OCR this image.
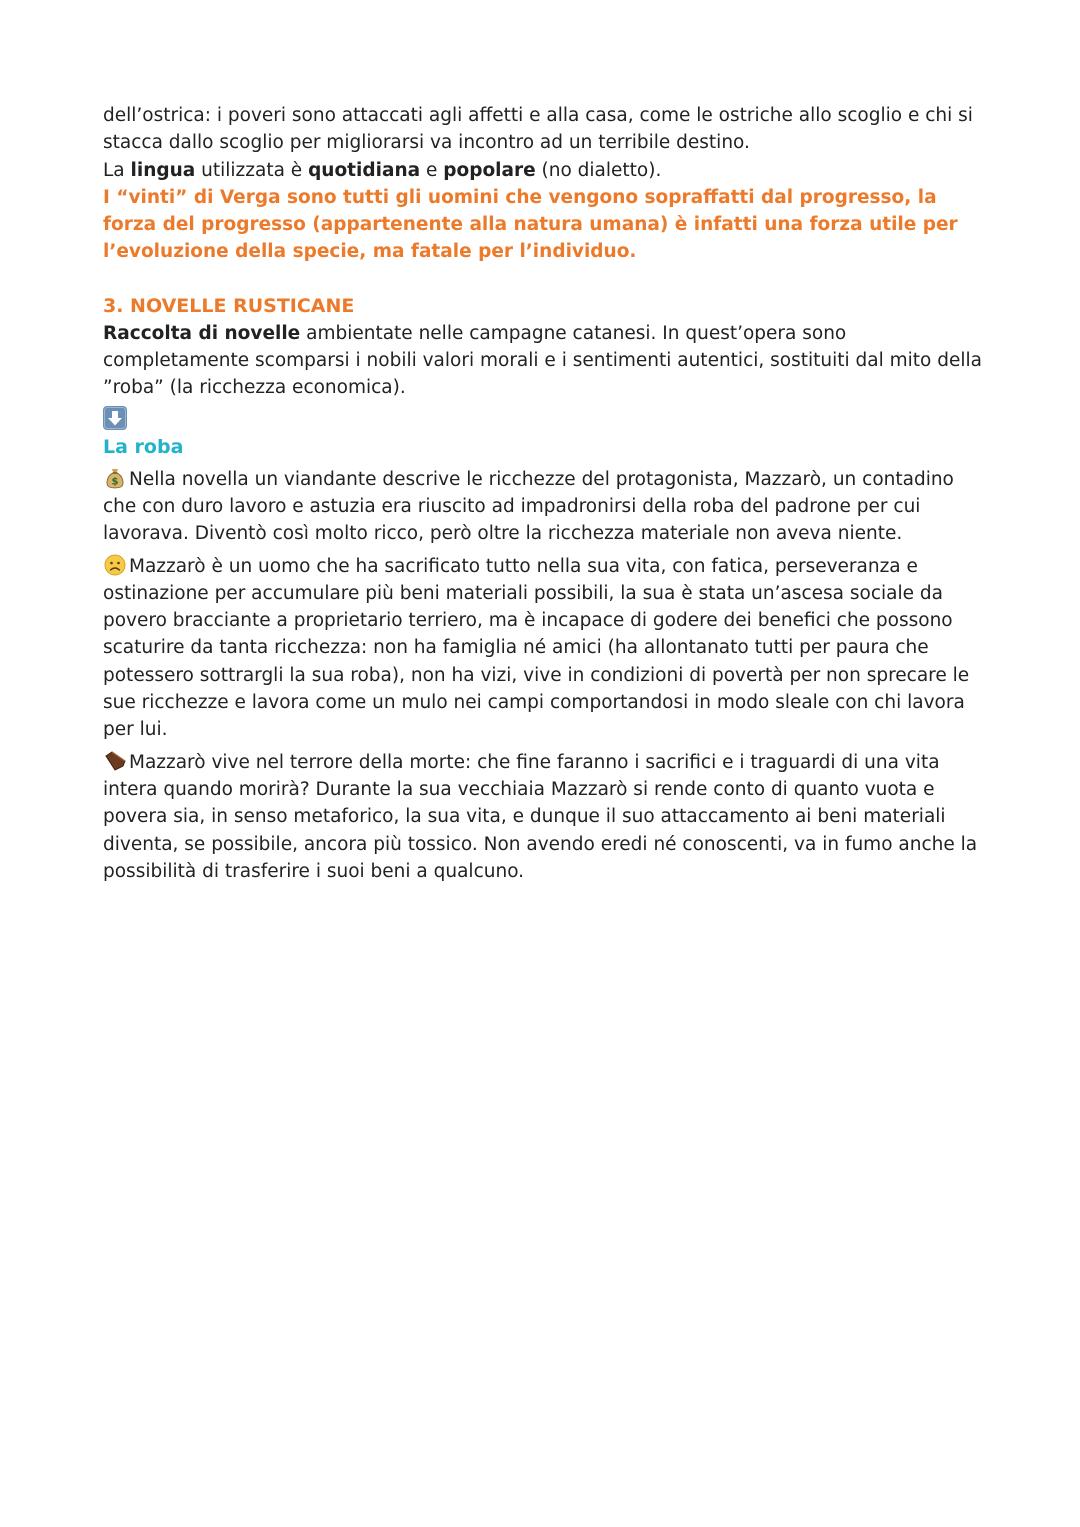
dell’ostrica: i poveri sono attaccati agli affetti e alla casa, come le ostriche allo scoglio e chi si

stacca dallo scoglio per migliorarsi va incontro ad un terribile destino.

La lingua utilizzata è quotidiana e popolare (no dialetto).

I “vinti” di Verga sono tutti gli uomini che vengono sopraffatti dal progresso, la forza del progresso (appartenente alla natura umana) è infatti una forza utile per l’evoluzione della specie, ma fatale per l’individuo.

3. NOVELLE RUSTICANE

Raccolta di novelle ambientate nelle campagne catanesi. In quest’opera sono completamente scomparsi i nobili valori morali e i sentimenti autentici, sostituiti dal mito della ”roba” (la ricchezza economica).

La roba

$ Nella novella un viandante descrive le ricchezze del protagonista, Mazzarò, un contadino che con duro lavoro e astuzia era riuscito ad impadronirsi della roba del padrone per cui lavorava. Diventò così molto ricco, però oltre la ricchezza materiale non aveva niente.

Mazzarò è un uomo che ha sacrificato tutto nella sua vita, con fatica, perseveranza e ostinazione per accumulare più beni materiali possibili, la sua è stata un’ascesa sociale da povero bracciante a proprietario terriero, ma è incapace di godere dei benefici che possono scaturire da tanta ricchezza: non ha famiglia né amici (ha allontanato tutti per paura che potessero sottrargli la sua roba), non ha vizi, vive in condizioni di povertà per non sprecare le sue ricchezze e lavora come un mulo nei campi comportandosi in modo sleale con chi lavora per lui.

Mazzarò vive nel terrore della morte: che fine faranno i sacrifici e i traguardi di una vita intera quando morirà? Durante la sua vecchiaia Mazzarò si rende conto di quanto vuota e povera sia, in senso metaforico, la sua vita, e dunque il suo attaccamento ai beni materiali diventa, se possibile, ancora più tossico. Non avendo eredi né conoscenti, va in fumo anche la possibilità di trasferire i suoi beni a qualcuno.
